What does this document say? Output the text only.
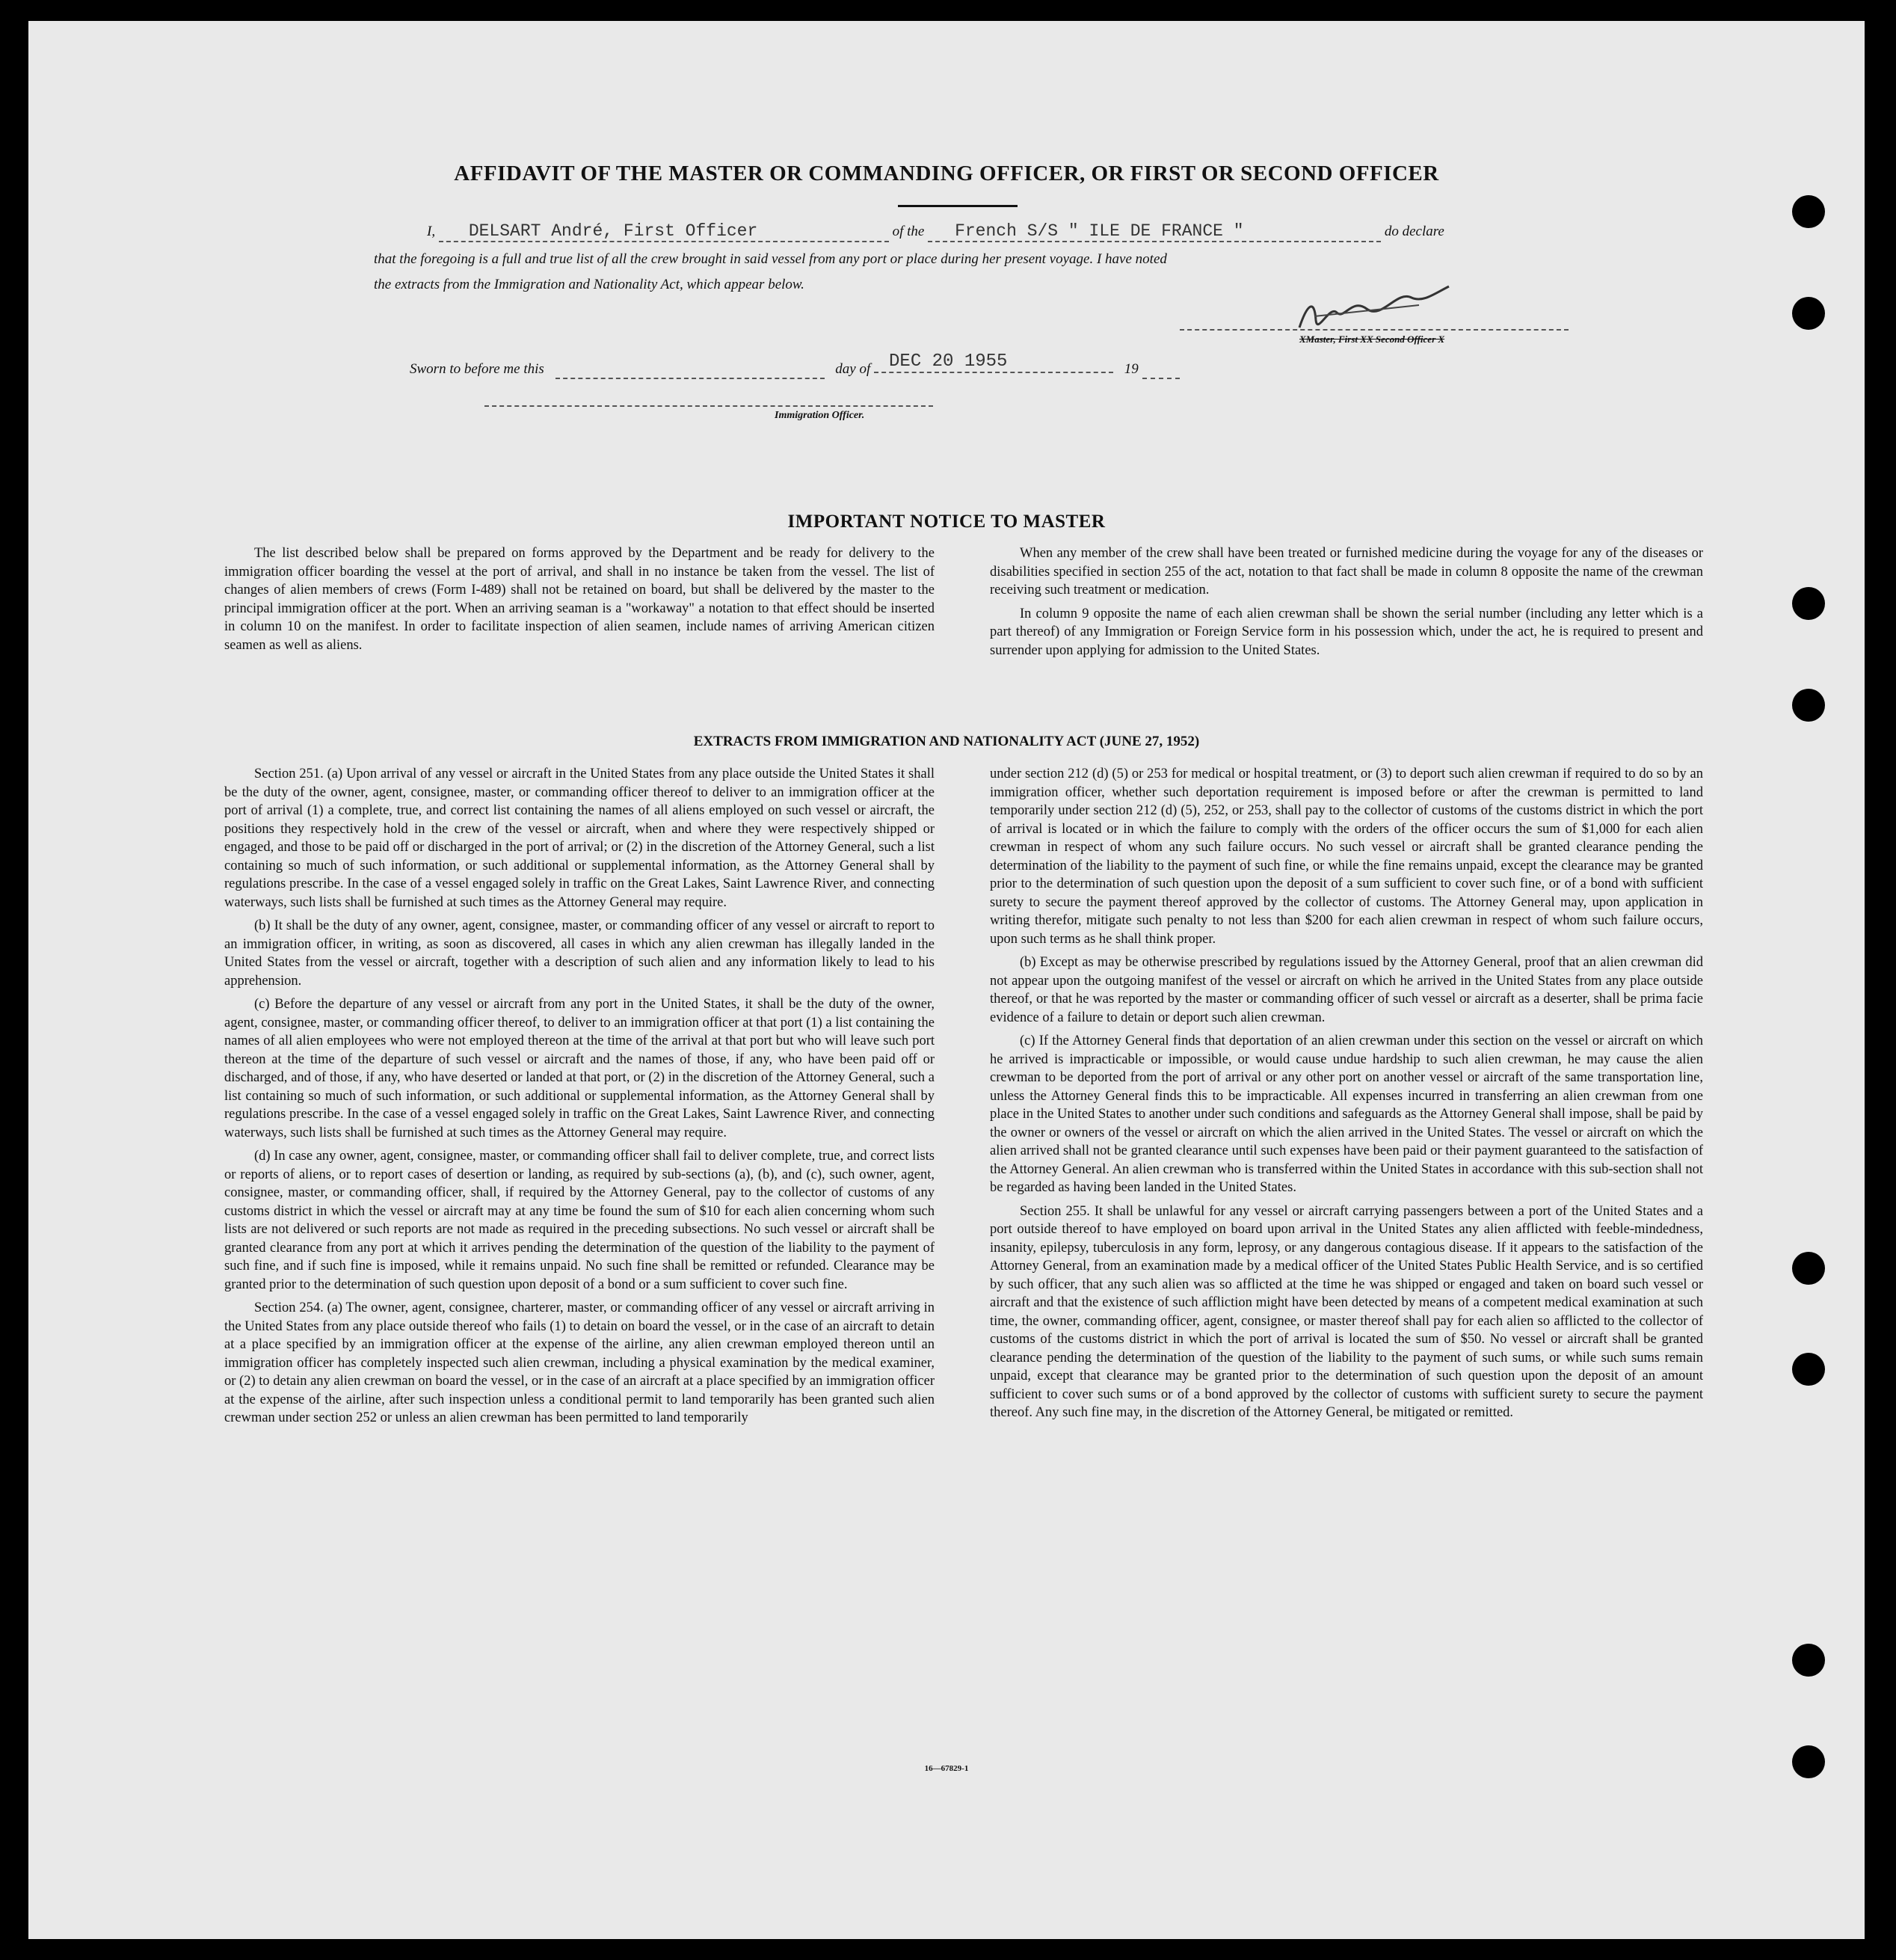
AFFIDAVIT OF THE MASTER OR COMMANDING OFFICER, OR FIRST OR SECOND OFFICER
I, DELSART André, First Officer	of the French S/S " ILE DE FRANCE "	do declare
that the foregoing is a full and true list of all the crew brought in said vessel from any port or place during her present voyage. I have noted
the extracts from the Immigration and Nationality Act, which appear below.
XMaster, First XX Second Officer X
Sworn to before me this	day of DEC 20 1955	19
Immigration Officer.
IMPORTANT NOTICE TO MASTER

The list described below shall be prepared on forms approved by the Department and be ready for delivery to the immigration officer boarding the vessel at the port of arrival, and shall in no instance be taken from the vessel. The list of changes of alien members of crews (Form I-489) shall not be retained on board, but shall be delivered by the master to the principal immigration officer at the port. When an arriving seaman is a "workaway" a notation to that effect should be inserted in column 10 on the manifest. In order to facilitate inspection of alien seamen, include names of arriving American citizen seamen as well as aliens.

When any member of the crew shall have been treated or furnished medicine during the voyage for any of the diseases or disabilities specified in section 255 of the act, notation to that fact shall be made in column 8 opposite the name of the crewman receiving such treatment or medication.

In column 9 opposite the name of each alien crewman shall be shown the serial number (including any letter which is a part thereof) of any Immigration or Foreign Service form in his possession which, under the act, he is required to present and surrender upon applying for admission to the United States.

EXTRACTS FROM IMMIGRATION AND NATIONALITY ACT (JUNE 27, 1952)

Section 251. (a) Upon arrival of any vessel or aircraft in the United States from any place outside the United States it shall be the duty of the owner, agent, consignee, master, or commanding officer thereof to deliver to an immigration officer at the port of arrival (1) a complete, true, and correct list containing the names of all aliens employed on such vessel or aircraft, the positions they respectively hold in the crew of the vessel or aircraft, when and where they were respectively shipped or engaged, and those to be paid off or discharged in the port of arrival; or (2) in the discretion of the Attorney General, such a list containing so much of such information, or such additional or supplemental information, as the Attorney General shall by regulations prescribe. In the case of a vessel engaged solely in traffic on the Great Lakes, Saint Lawrence River, and connecting waterways, such lists shall be furnished at such times as the Attorney General may require.

(b) It shall be the duty of any owner, agent, consignee, master, or commanding officer of any vessel or aircraft to report to an immigration officer, in writing, as soon as discovered, all cases in which any alien crewman has illegally landed in the United States from the vessel or aircraft, together with a description of such alien and any information likely to lead to his apprehension.

(c) Before the departure of any vessel or aircraft from any port in the United States, it shall be the duty of the owner, agent, consignee, master, or commanding officer thereof, to deliver to an immigration officer at that port (1) a list containing the names of all alien employees who were not employed thereon at the time of the arrival at that port but who will leave such port thereon at the time of the departure of such vessel or aircraft and the names of those, if any, who have been paid off or discharged, and of those, if any, who have deserted or landed at that port, or (2) in the discretion of the Attorney General, such a list containing so much of such information, or such additional or supplemental information, as the Attorney General shall by regulations prescribe. In the case of a vessel engaged solely in traffic on the Great Lakes, Saint Lawrence River, and connecting waterways, such lists shall be furnished at such times as the Attorney General may require.

(d) In case any owner, agent, consignee, master, or commanding officer shall fail to deliver complete, true, and correct lists or reports of aliens, or to report cases of desertion or landing, as required by sub-sections (a), (b), and (c), such owner, agent, consignee, master, or commanding officer, shall, if required by the Attorney General, pay to the collector of customs of any customs district in which the vessel or aircraft may at any time be found the sum of $10 for each alien concerning whom such lists are not delivered or such reports are not made as required in the preceding subsections. No such vessel or aircraft shall be granted clearance from any port at which it arrives pending the determination of the question of the liability to the payment of such fine, and if such fine is imposed, while it remains unpaid. No such fine shall be remitted or refunded. Clearance may be granted prior to the determination of such question upon deposit of a bond or a sum sufficient to cover such fine.

Section 254. (a) The owner, agent, consignee, charterer, master, or commanding officer of any vessel or aircraft arriving in the United States from any place outside thereof who fails (1) to detain on board the vessel, or in the case of an aircraft to detain at a place specified by an immigration officer at the expense of the airline, any alien crewman employed thereon until an immigration officer has completely inspected such alien crewman, including a physical examination by the medical examiner, or (2) to detain any alien crewman on board the vessel, or in the case of an aircraft at a place specified by an immigration officer at the expense of the airline, after such inspection unless a conditional permit to land temporarily has been granted such alien crewman under section 252 or unless an alien crewman has been permitted to land temporarily

under section 212 (d) (5) or 253 for medical or hospital treatment, or (3) to deport such alien crewman if required to do so by an immigration officer, whether such deportation requirement is imposed before or after the crewman is permitted to land temporarily under section 212 (d) (5), 252, or 253, shall pay to the collector of customs of the customs district in which the port of arrival is located or in which the failure to comply with the orders of the officer occurs the sum of $1,000 for each alien crewman in respect of whom any such failure occurs. No such vessel or aircraft shall be granted clearance pending the determination of the liability to the payment of such fine, or while the fine remains unpaid, except the clearance may be granted prior to the determination of such question upon the deposit of a sum sufficient to cover such fine, or of a bond with sufficient surety to secure the payment thereof approved by the collector of customs. The Attorney General may, upon application in writing therefor, mitigate such penalty to not less than $200 for each alien crewman in respect of whom such failure occurs, upon such terms as he shall think proper.

(b) Except as may be otherwise prescribed by regulations issued by the Attorney General, proof that an alien crewman did not appear upon the outgoing manifest of the vessel or aircraft on which he arrived in the United States from any place outside thereof, or that he was reported by the master or commanding officer of such vessel or aircraft as a deserter, shall be prima facie evidence of a failure to detain or deport such alien crewman.

(c) If the Attorney General finds that deportation of an alien crewman under this section on the vessel or aircraft on which he arrived is impracticable or impossible, or would cause undue hardship to such alien crewman, he may cause the alien crewman to be deported from the port of arrival or any other port on another vessel or aircraft of the same transportation line, unless the Attorney General finds this to be impracticable. All expenses incurred in transferring an alien crewman from one place in the United States to another under such conditions and safeguards as the Attorney General shall impose, shall be paid by the owner or owners of the vessel or aircraft on which the alien arrived in the United States. The vessel or aircraft on which the alien arrived shall not be granted clearance until such expenses have been paid or their payment guaranteed to the satisfaction of the Attorney General. An alien crewman who is transferred within the United States in accordance with this sub-section shall not be regarded as having been landed in the United States.

Section 255. It shall be unlawful for any vessel or aircraft carrying passengers between a port of the United States and a port outside thereof to have employed on board upon arrival in the United States any alien afflicted with feeble-mindedness, insanity, epilepsy, tuberculosis in any form, leprosy, or any dangerous contagious disease. If it appears to the satisfaction of the Attorney General, from an examination made by a medical officer of the United States Public Health Service, and is so certified by such officer, that any such alien was so afflicted at the time he was shipped or engaged and taken on board such vessel or aircraft and that the existence of such affliction might have been detected by means of a competent medical examination at such time, the owner, commanding officer, agent, consignee, or master thereof shall pay for each alien so afflicted to the collector of customs of the customs district in which the port of arrival is located the sum of $50. No vessel or aircraft shall be granted clearance pending the determination of the question of the liability to the payment of such sums, or while such sums remain unpaid, except that clearance may be granted prior to the determination of such question upon the deposit of an amount sufficient to cover such sums or of a bond approved by the collector of customs with sufficient surety to secure the payment thereof. Any such fine may, in the discretion of the Attorney General, be mitigated or remitted.

16—67829-1
